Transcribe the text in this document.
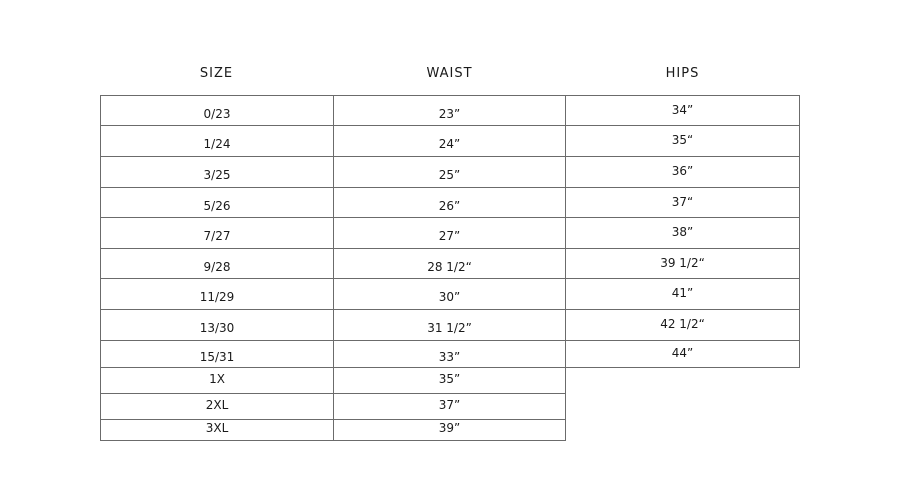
SIZE	WAIST	HIPS
0/23	23”	34”
1/24	24”	35“
3/25	25”	36”
5/26	26”	37“
7/27	27”	38”
9/28	28 1/2“	39 1/2“
11/29	30”	41”
13/30	31 1/2”	42 1/2“
15/31	33”	44”
1X	35”
2XL	37”
3XL	39”
